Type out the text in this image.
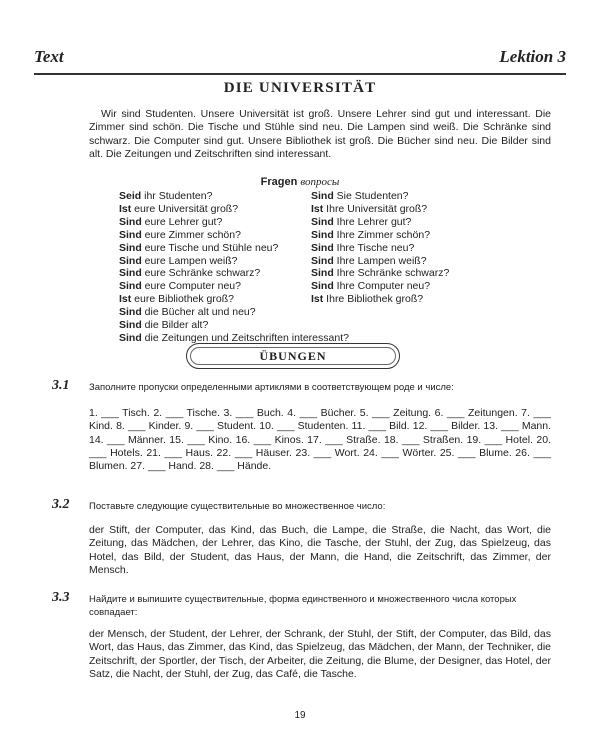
Text	Lektion 3
DIE UNIVERSITÄT
Wir sind Studenten. Unsere Universität ist groß. Unsere Lehrer sind gut und interessant. Die Zimmer sind schön. Die Tische und Stühle sind neu. Die Lampen sind weiß. Die Schränke sind schwarz. Die Computer sind gut. Unsere Bibliothek ist groß. Die Bücher sind neu. Die Bilder sind alt. Die Zeitungen und Zeitschriften sind interessant.
Fragen вопросы
Seid ihr Studenten?
Ist eure Universität groß?
Sind eure Lehrer gut?
Sind eure Zimmer schön?
Sind eure Tische und Stühle neu?
Sind eure Lampen weiß?
Sind eure Schränke schwarz?
Sind eure Computer neu?
Ist eure Bibliothek groß?
Sind die Bücher alt und neu?
Sind die Bilder alt?
Sind die Zeitungen und Zeitschriften interessant?
Sind Sie Studenten?
Ist Ihre Universität groß?
Sind Ihre Lehrer gut?
Sind Ihre Zimmer schön?
Sind Ihre Tische neu?
Sind Ihre Lampen weiß?
Sind Ihre Schränke schwarz?
Sind Ihre Computer neu?
Ist Ihre Bibliothek groß?
ÜBUNGEN
3.1 Заполните пропуски определенными артиклями в соответствующем роде и числе:
1. ___ Tisch. 2. ___ Tische. 3. ___ Buch. 4. ___ Bücher. 5. ___ Zeitung. 6. ___ Zeitungen. 7. ___ Kind. 8. ___ Kinder. 9. ___ Student. 10. ___ Studenten. 11. ___ Bild. 12. ___ Bilder. 13. ___ Mann. 14. ___ Männer. 15. ___ Kino. 16. ___ Kinos. 17. ___ Straße. 18. ___ Straßen. 19. ___ Hotel. 20. ___ Hotels. 21. ___ Haus. 22. ___ Häuser. 23. ___ Wort. 24. ___ Wörter. 25. ___ Blume. 26. ___ Blumen. 27. ___ Hand. 28. ___ Hände.
3.2 Поставьте следующие существительные во множественное число:
der Stift, der Computer, das Kind, das Buch, die Lampe, die Straße, die Nacht, das Wort, die Zeitung, das Mädchen, der Lehrer, das Kino, die Tasche, der Stuhl, der Zug, das Spielzeug, das Hotel, das Bild, der Student, das Haus, der Mann, die Hand, die Zeitschrift, das Zimmer, der Mensch.
3.3 Найдите и выпишите существительные, форма единственного и множественного числа которых совпадает:
der Mensch, der Student, der Lehrer, der Schrank, der Stuhl, der Stift, der Computer, das Bild, das Wort, das Haus, das Zimmer, das Kind, das Spielzeug, das Mädchen, der Mann, der Techniker, die Zeitschrift, der Sportler, der Tisch, der Arbeiter, die Zeitung, die Blume, der Designer, das Hotel, der Satz, die Nacht, der Stuhl, der Zug, das Café, die Tasche.
19
